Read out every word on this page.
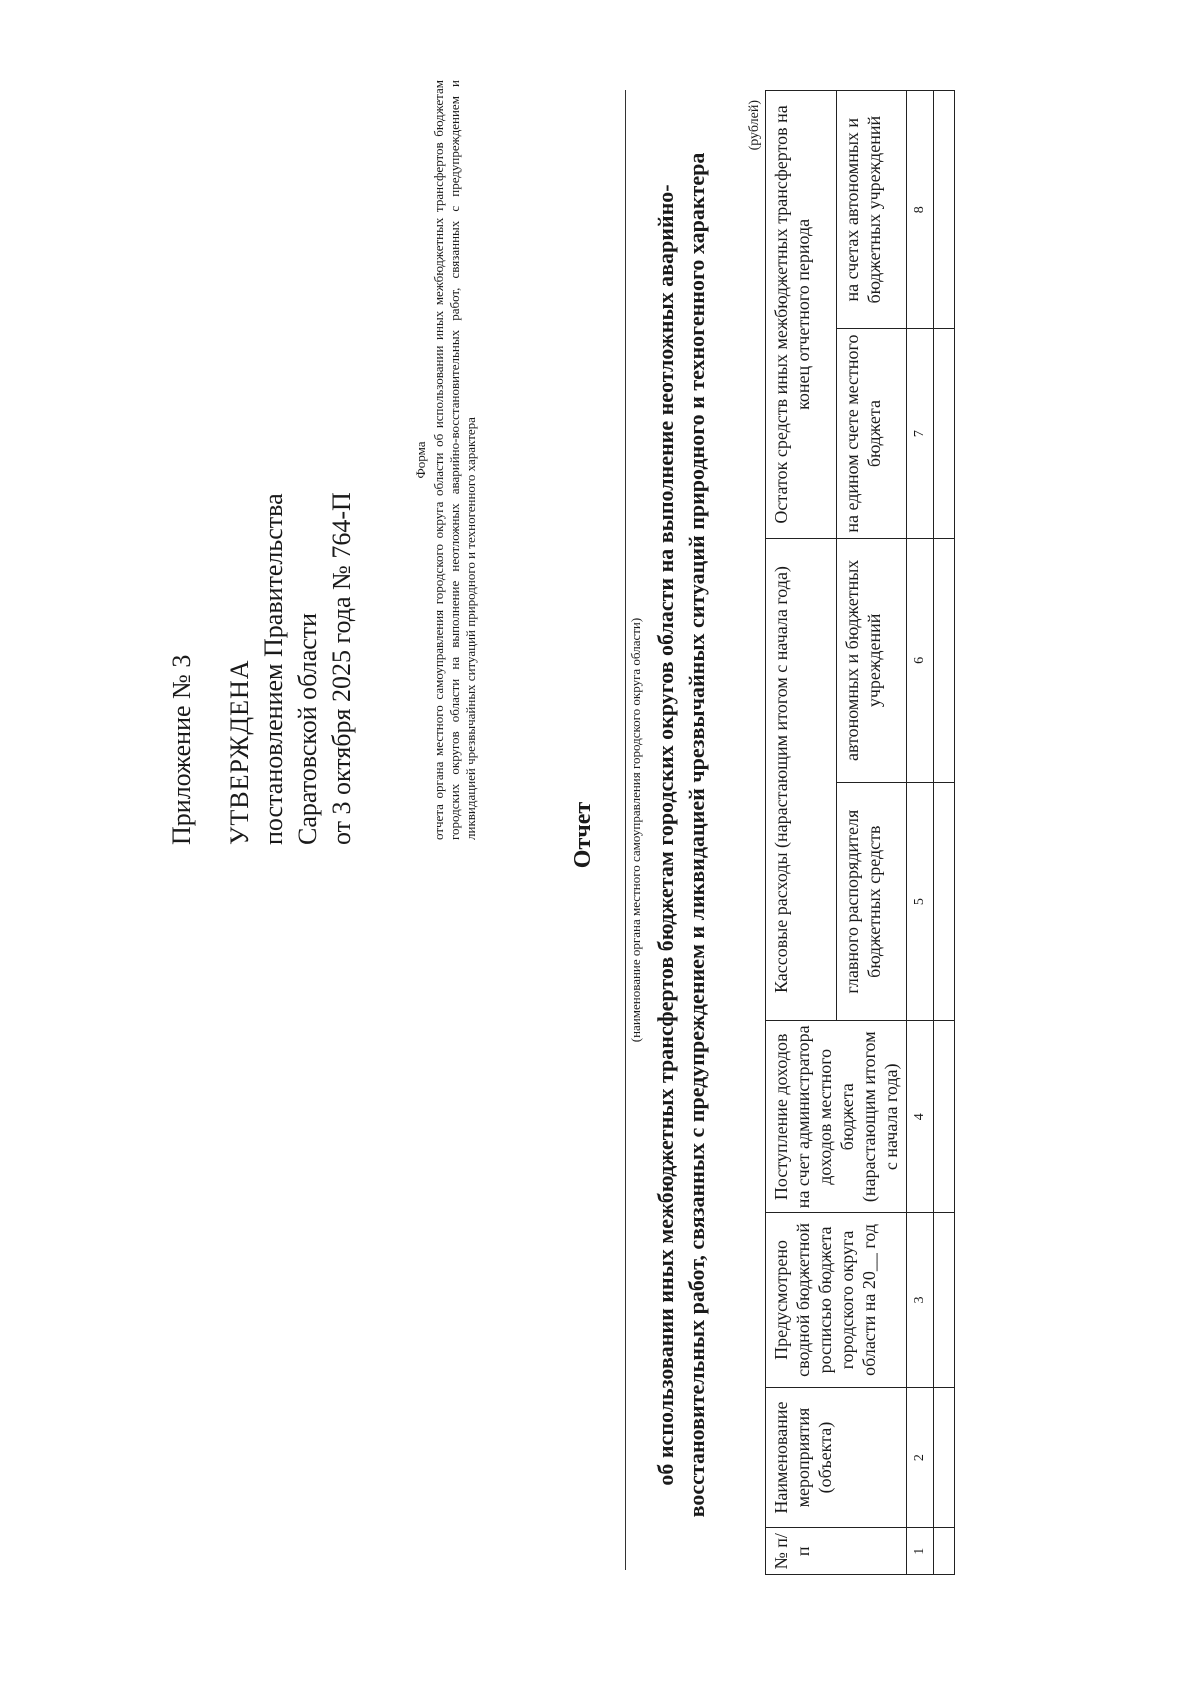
Приложение № 3 УТВЕРЖДЕНА постановлением Правительства Саратовской области от 3 октября 2025 года № 764-П
Форма отчета органа местного самоуправления городского округа области об использовании иных межбюджетных трансфертов бюджетам городских округов области на выполнение неотложных аварийно-восстановительных работ, связанных с предупреждением и ликвидацией чрезвычайных ситуаций природного и техногенного характера	Отчет (наименование органа местного самоуправления городского округа области) об использовании иных межбюджетных трансфертов бюджетам городских округов области на выполнение неотложных аварийно-восстановительных работ, связанных с предупреждением и ликвидацией чрезвычайных ситуаций природного и техногенного характера
(рублей)
№ п/п	Наименование мероприятия (объекта)	Предусмотрено сводной бюджетной росписью бюджета городского округа области на 20__ год	Поступление доходов на счет администратора доходов местного бюджета (нарастающим итогом с начала года)	Кассовые расходы (нарастающим итогом с начала года)		Остаток средств иных межбюджетных трансфертов на конец отчетного периода	
				главного распорядителя бюджетных средств	автономных и бюджетных учреждений	на едином счете местного бюджета	на счетах автономных и бюджетных учреждений
1	2	3	4	5	6	7	8
